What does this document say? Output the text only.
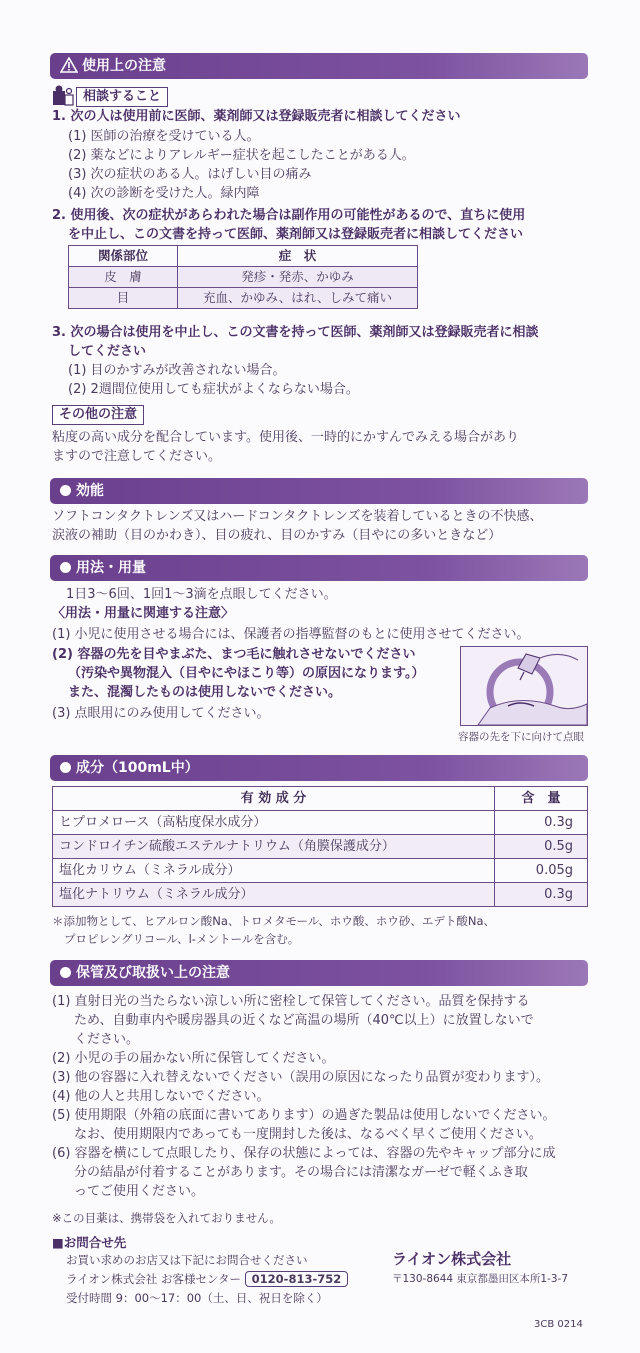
使用上の注意
相談すること
1. 次の人は使用前に医師、薬剤師又は登録販売者に相談してください
(1) 医師の治療を受けている人。
(2) 薬などによりアレルギー症状を起こしたことがある人。
(3) 次の症状のある人。はげしい目の痛み
(4) 次の診断を受けた人。緑内障
2. 使用後、次の症状があらわれた場合は副作用の可能性があるので、直ちに使用
を中止し、この文書を持って医師、薬剤師又は登録販売者に相談してください
関係部位	症　状
皮　膚	発疹・発赤、かゆみ
目	充血、かゆみ、はれ、しみて痛い
3. 次の場合は使用を中止し、この文書を持って医師、薬剤師又は登録販売者に相談
してください
(1) 目のかすみが改善されない場合。
(2) 2週間位使用しても症状がよくならない場合。
その他の注意
粘度の高い成分を配合しています。使用後、一時的にかすんでみえる場合があり
ますので注意してください。
効能
ソフトコンタクトレンズ又はハードコンタクトレンズを装着しているときの不快感、
涙液の補助（目のかわき）、目の疲れ、目のかすみ（目やにの多いときなど）
用法・用量
1日3～6回、1回1～3滴を点眼してください。
〈用法・用量に関連する注意〉
(1) 小児に使用させる場合には、保護者の指導監督のもとに使用させてください。
(2) 容器の先を目やまぶた、まつ毛に触れさせないでください
（汚染や異物混入（目やにやほこり等）の原因になります。）
また、混濁したものは使用しないでください。
(3) 点眼用にのみ使用してください。
容器の先を下に向けて点眼
成分（100mL中）
有 効 成 分	含　量
ヒプロメロース（高粘度保水成分）	0.3g
コンドロイチン硫酸エステルナトリウム（角膜保護成分）	0.5g
塩化カリウム（ミネラル成分）	0.05g
塩化ナトリウム（ミネラル成分）	0.3g
＊添加物として、ヒアルロン酸Na、トロメタモール、ホウ酸、ホウ砂、エデト酸Na、
プロピレングリコール、l-メントールを含む。
保管及び取扱い上の注意
(1) 直射日光の当たらない涼しい所に密栓して保管してください。品質を保持する
ため、自動車内や暖房器具の近くなど高温の場所（40℃以上）に放置しないで
ください。
(2) 小児の手の届かない所に保管してください。
(3) 他の容器に入れ替えないでください（誤用の原因になったり品質が変わります）。
(4) 他の人と共用しないでください。
(5) 使用期限（外箱の底面に書いてあります）の過ぎた製品は使用しないでください。
なお、使用期限内であっても一度開封した後は、なるべく早くご使用ください。
(6) 容器を横にして点眼したり、保存の状態によっては、容器の先やキャップ部分に成
分の結晶が付着することがあります。その場合には清潔なガーゼで軽くふき取
ってご使用ください。
※この目薬は、携帯袋を入れておりません。
■お問合せ先
お買い求めのお店又は下記にお問合せください
ライオン株式会社 お客様センター 0120-813-752
受付時間 9：00～17：00（土、日、祝日を除く）
ライオン株式会社
〒130-8644 東京都墨田区本所1-3-7
3CB 0214
